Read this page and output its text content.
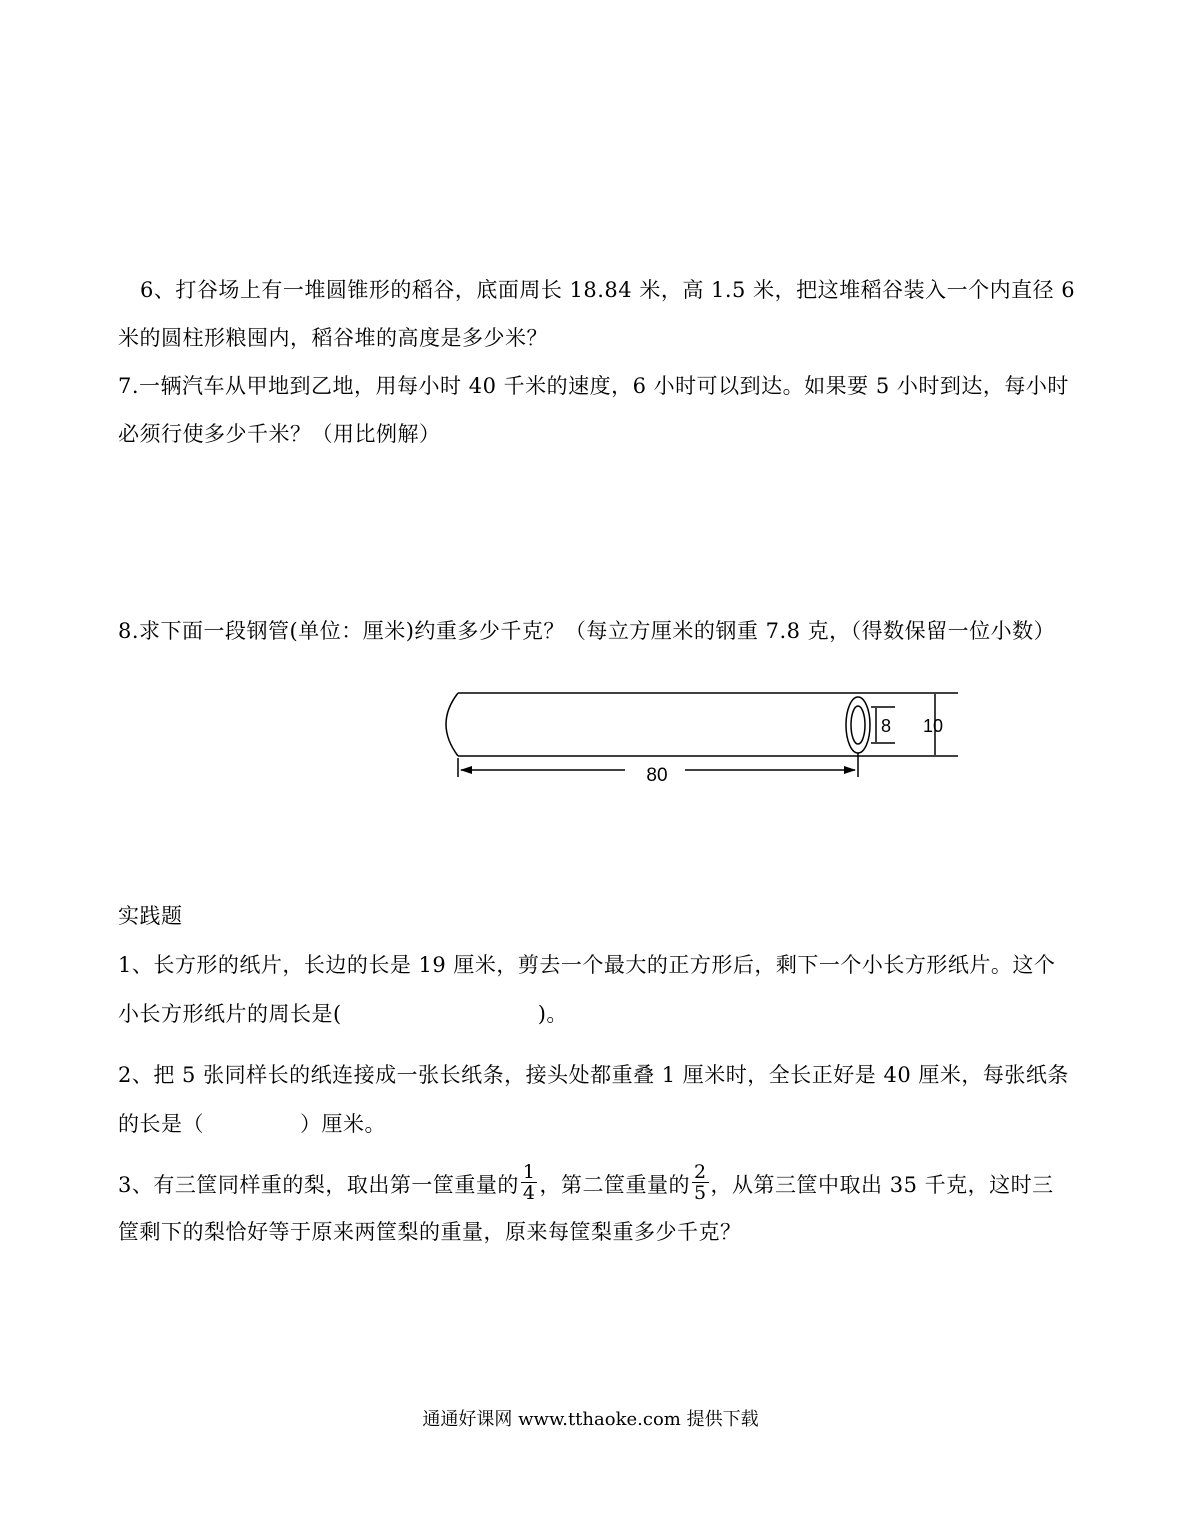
6、打谷场上有一堆圆锥形的稻谷，底面周长 18.84 米，高 1.5 米，把这堆稻谷装入一个内直径 6
米的圆柱形粮囤内，稻谷堆的高度是多少米？
7.一辆汽车从甲地到乙地，用每小时 40 千米的速度，6 小时可以到达。如果要 5 小时到达，每小时
必须行使多少千米？（用比例解）
8.求下面一段钢管(单位：厘米)约重多少千克？（每立方厘米的钢重 7.8 克，（得数保留一位小数）
80
8 10
实践题
1、长方形的纸片，长边的长是 19 厘米，剪去一个最大的正方形后，剩下一个小长方形纸片。这个
小长方形纸片的周长是(	)。
2、把 5 张同样长的纸连接成一张长纸条，接头处都重叠 1 厘米时，全长正好是 40 厘米，每张纸条
的长是（	）厘米。
3、有三筐同样重的梨，取出第一筐重量的 $\frac{1}{4}$ ，第二筐重量的 $\frac{2}{5}$ ，从第三筐中取出 35 千克，这时三
筐剩下的梨恰好等于原来两筐梨的重量，原来每筐梨重多少千克？
通通好课网 www.tthaoke.com 提供下载
